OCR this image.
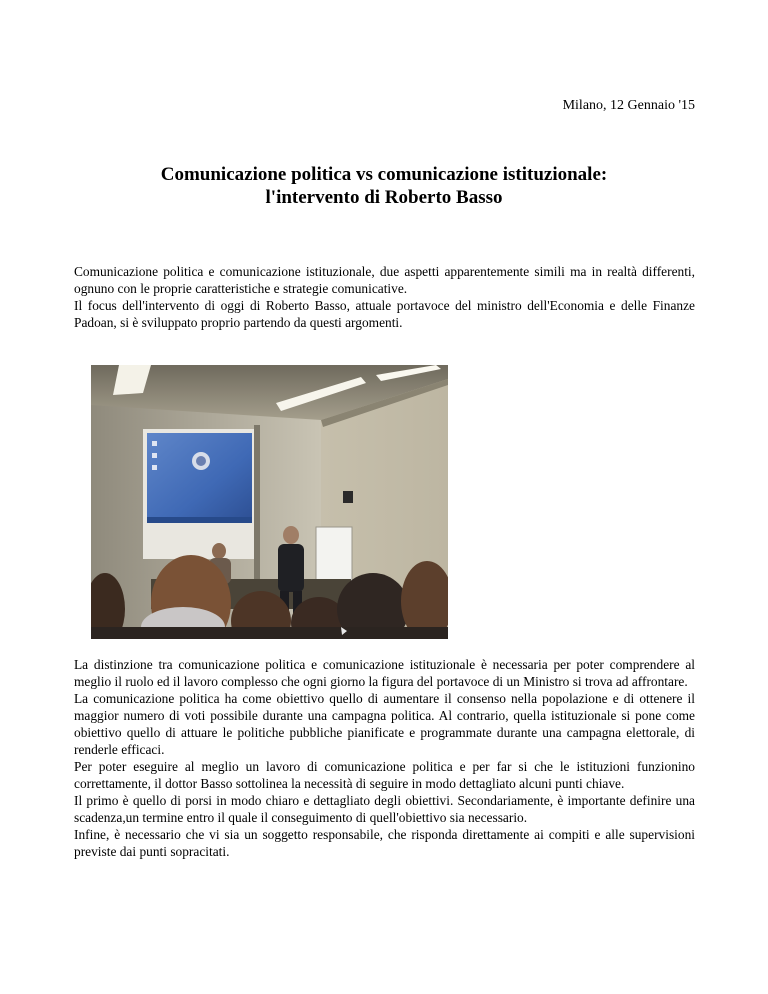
Milano, 12 Gennaio '15
Comunicazione politica vs comunicazione istituzionale:
l'intervento di Roberto Basso

Comunicazione politica e comunicazione istituzionale, due aspetti apparentemente simili ma in realtà differenti, ognuno con le proprie caratteristiche e strategie comunicative.

Il focus dell'intervento di oggi di Roberto Basso, attuale portavoce del ministro dell'Economia e delle Finanze Padoan, si è sviluppato proprio partendo da questi argomenti.

La distinzione tra comunicazione politica e comunicazione istituzionale è necessaria per poter comprendere al meglio il ruolo ed il lavoro complesso che ogni giorno la figura del portavoce di un Ministro si trova ad affrontare.

La comunicazione politica ha come obiettivo quello di aumentare il consenso nella popolazione e di ottenere il maggior numero di voti possibile durante una campagna politica. Al contrario, quella istituzionale si pone come obiettivo quello di attuare le politiche pubbliche pianificate e programmate durante una campagna elettorale, di renderle efficaci.

Per poter eseguire al meglio un lavoro di comunicazione politica e per far si che le istituzioni funzionino correttamente, il dottor Basso sottolinea la necessità di seguire in modo dettagliato alcuni punti chiave.

Il primo è quello di porsi in modo chiaro e dettagliato degli obiettivi. Secondariamente, è importante definire una scadenza,un termine entro il quale il conseguimento di quell'obiettivo sia necessario.

Infine, è necessario che vi sia un soggetto responsabile, che risponda direttamente ai compiti e alle supervisioni previste dai punti sopracitati.
